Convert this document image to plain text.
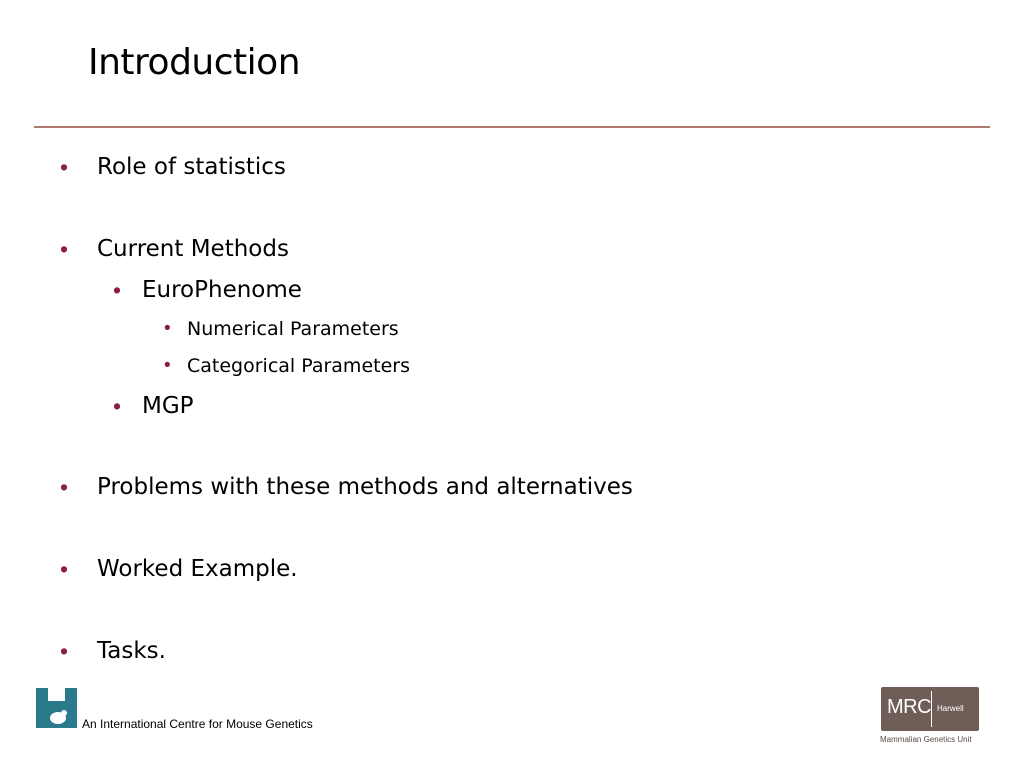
Introduction
• Role of statistics
• Current Methods
• EuroPhenome
• Numerical Parameters
• Categorical Parameters
• MGP
• Problems with these methods and alternatives
• Worked Example.
• Tasks.
An International Centre for Mouse Genetics
MRC Harwell
Mammalian Genetics Unit
